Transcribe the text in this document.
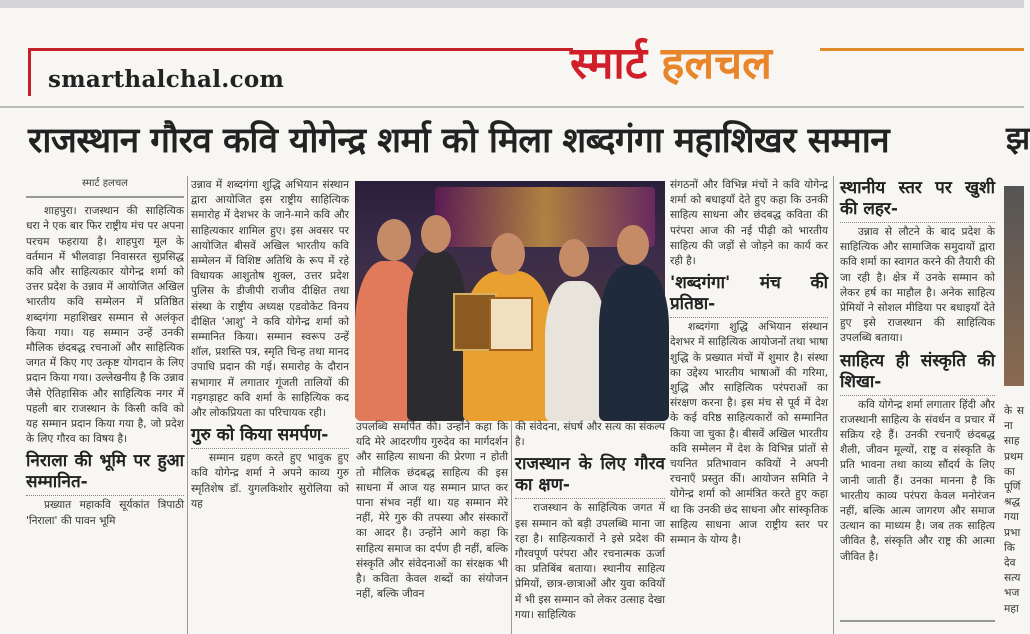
smarthalchal.com	स्मार्ट हलचल
राजस्थान गौरव कवि योगेन्द्र शर्मा को मिला शब्दगंगा महाशिखर सम्मान	झ
स्मार्ट हलचल

शाहपुरा। राजस्थान की साहित्यिक धरा ने एक बार फिर राष्ट्रीय मंच पर अपना परचम फहराया है। शाहपुरा मूल के वर्तमान में भीलवाड़ा निवासरत सुप्रसिद्ध कवि और साहित्यकार योगेन्द्र शर्मा को उत्तर प्रदेश के उन्नाव में आयोजित अखिल भारतीय कवि सम्मेलन में प्रतिष्ठित शब्दगंगा महाशिखर सम्मान से अलंकृत किया गया। यह सम्मान उन्हें उनकी मौलिक छंदबद्ध रचनाओं और साहित्यिक जगत में किए गए उत्कृष्ट योगदान के लिए प्रदान किया गया। उल्लेखनीय है कि उन्नाव जैसे ऐतिहासिक और साहित्यिक नगर में पहली बार राजस्थान के किसी कवि को यह सम्मान प्रदान किया गया है, जो प्रदेश के लिए गौरव का विषय है।

निराला की भूमि पर हुआ सम्मानित-

प्रख्यात महाकवि सूर्यकांत त्रिपाठी 'निराला' की पावन भूमि

उन्नाव में शब्दगंगा शुद्धि अभियान संस्थान द्वारा आयोजित इस राष्ट्रीय साहित्यिक समारोह में देशभर के जाने-माने कवि और साहित्यकार शामिल हुए। इस अवसर पर आयोजित बीसवें अखिल भारतीय कवि सम्मेलन में विशिष्ट अतिथि के रूप में रहे विधायक आशुतोष शुक्ल, उत्तर प्रदेश पुलिस के डीजीपी राजीव दीक्षित तथा संस्था के राष्ट्रीय अध्यक्ष एडवोकेट विनय दीक्षित 'आशु' ने कवि योगेन्द्र शर्मा को सम्मानित किया। सम्मान स्वरूप उन्हें शॉल, प्रशस्ति पत्र, स्मृति चिन्ह तथा मानद उपाधि प्रदान की गई। समारोह के दौरान सभागार में लगातार गूंजती तालियों की गड़गड़ाहट कवि शर्मा के साहित्यिक कद और लोकप्रियता का परिचायक रही।

गुरु को किया समर्पण-

सम्मान ग्रहण करते हुए भावुक हुए कवि योगेन्द्र शर्मा ने अपने काव्य गुरु स्मृतिशेष डॉ. युगलकिशोर सुरोलिया को यह

उपलब्धि समर्पित की। उन्होंने कहा कि यदि मेरे आदरणीय गुरुदेव का मार्गदर्शन और साहित्य साधना की प्रेरणा न होती तो मौलिक छंदबद्ध साहित्य की इस साधना में आज यह सम्मान प्राप्त कर पाना संभव नहीं था। यह सम्मान मेरे नहीं, मेरे गुरु की तपस्या और संस्कारों का आदर है। उन्होंने आगे कहा कि साहित्य समाज का दर्पण ही नहीं, बल्कि संस्कृति और संवेदनाओं का संरक्षक भी है। कविता केवल शब्दों का संयोजन नहीं, बल्कि जीवन

की संवेदना, संघर्ष और सत्य का संकल्प है।

राजस्थान के लिए गौरव का क्षण-

राजस्थान के साहित्यिक जगत में इस सम्मान को बड़ी उपलब्धि माना जा रहा है। साहित्यकारों ने इसे प्रदेश की गौरवपूर्ण परंपरा और रचनात्मक ऊर्जा का प्रतिबिंब बताया। स्थानीय साहित्य प्रेमियों, छात्र-छात्राओं और युवा कवियों में भी इस सम्मान को लेकर उत्साह देखा गया। साहित्यिक

संगठनों और विभिन्न मंचों ने कवि योगेन्द्र शर्मा को बधाइयाँ देते हुए कहा कि उनकी साहित्य साधना और छंदबद्ध कविता की परंपरा आज की नई पीढ़ी को भारतीय साहित्य की जड़ों से जोड़ने का कार्य कर रही है।

'शब्दगंगा' मंच की प्रतिष्ठा-

शब्दगंगा शुद्धि अभियान संस्थान देशभर में साहित्यिक आयोजनों तथा भाषा शुद्धि के प्रख्यात मंचों में शुमार है। संस्था का उद्देश्य भारतीय भाषाओं की गरिमा, शुद्धि और साहित्यिक परंपराओं का संरक्षण करना है। इस मंच से पूर्व में देश के कई वरिष्ठ साहित्यकारों को सम्मानित किया जा चुका है। बीसवें अखिल भारतीय कवि सम्मेलन में देश के विभिन्न प्रांतों से चयनित प्रतिभावान कवियों ने अपनी रचनाएँ प्रस्तुत कीं। आयोजन समिति ने योगेन्द्र शर्मा को आमंत्रित करते हुए कहा था कि उनकी छंद साधना और सांस्कृतिक साहित्य साधना आज राष्ट्रीय स्तर पर सम्मान के योग्य है।

स्थानीय स्तर पर खुशी की लहर-

उन्नाव से लौटने के बाद प्रदेश के साहित्यिक और सामाजिक समुदायों द्वारा कवि शर्मा का स्वागत करने की तैयारी की जा रही है। क्षेत्र में उनके सम्मान को लेकर हर्ष का माहौल है। अनेक साहित्य प्रेमियों ने सोशल मीडिया पर बधाइयाँ देते हुए इसे राजस्थान की साहित्यिक उपलब्धि बताया।

साहित्य ही संस्कृति की शिखा-

कवि योगेन्द्र शर्मा लगातार हिंदी और राजस्थानी साहित्य के संवर्धन व प्रचार में सक्रिय रहे हैं। उनकी रचनाएँ छंदबद्ध शैली, जीवन मूल्यों, राष्ट्र व संस्कृति के प्रति भावना तथा काव्य सौंदर्य के लिए जानी जाती हैं। उनका मानना है कि भारतीय काव्य परंपरा केवल मनोरंजन नहीं, बल्कि आत्म जागरण और समाज उत्थान का माध्यम है। जब तक साहित्य जीवित है, संस्कृति और राष्ट्र की आत्मा जीवित है।

के सना साह प्रथम का पूर्णि श्रद्ध गया प्रभा कि देव सत्य भज महा
